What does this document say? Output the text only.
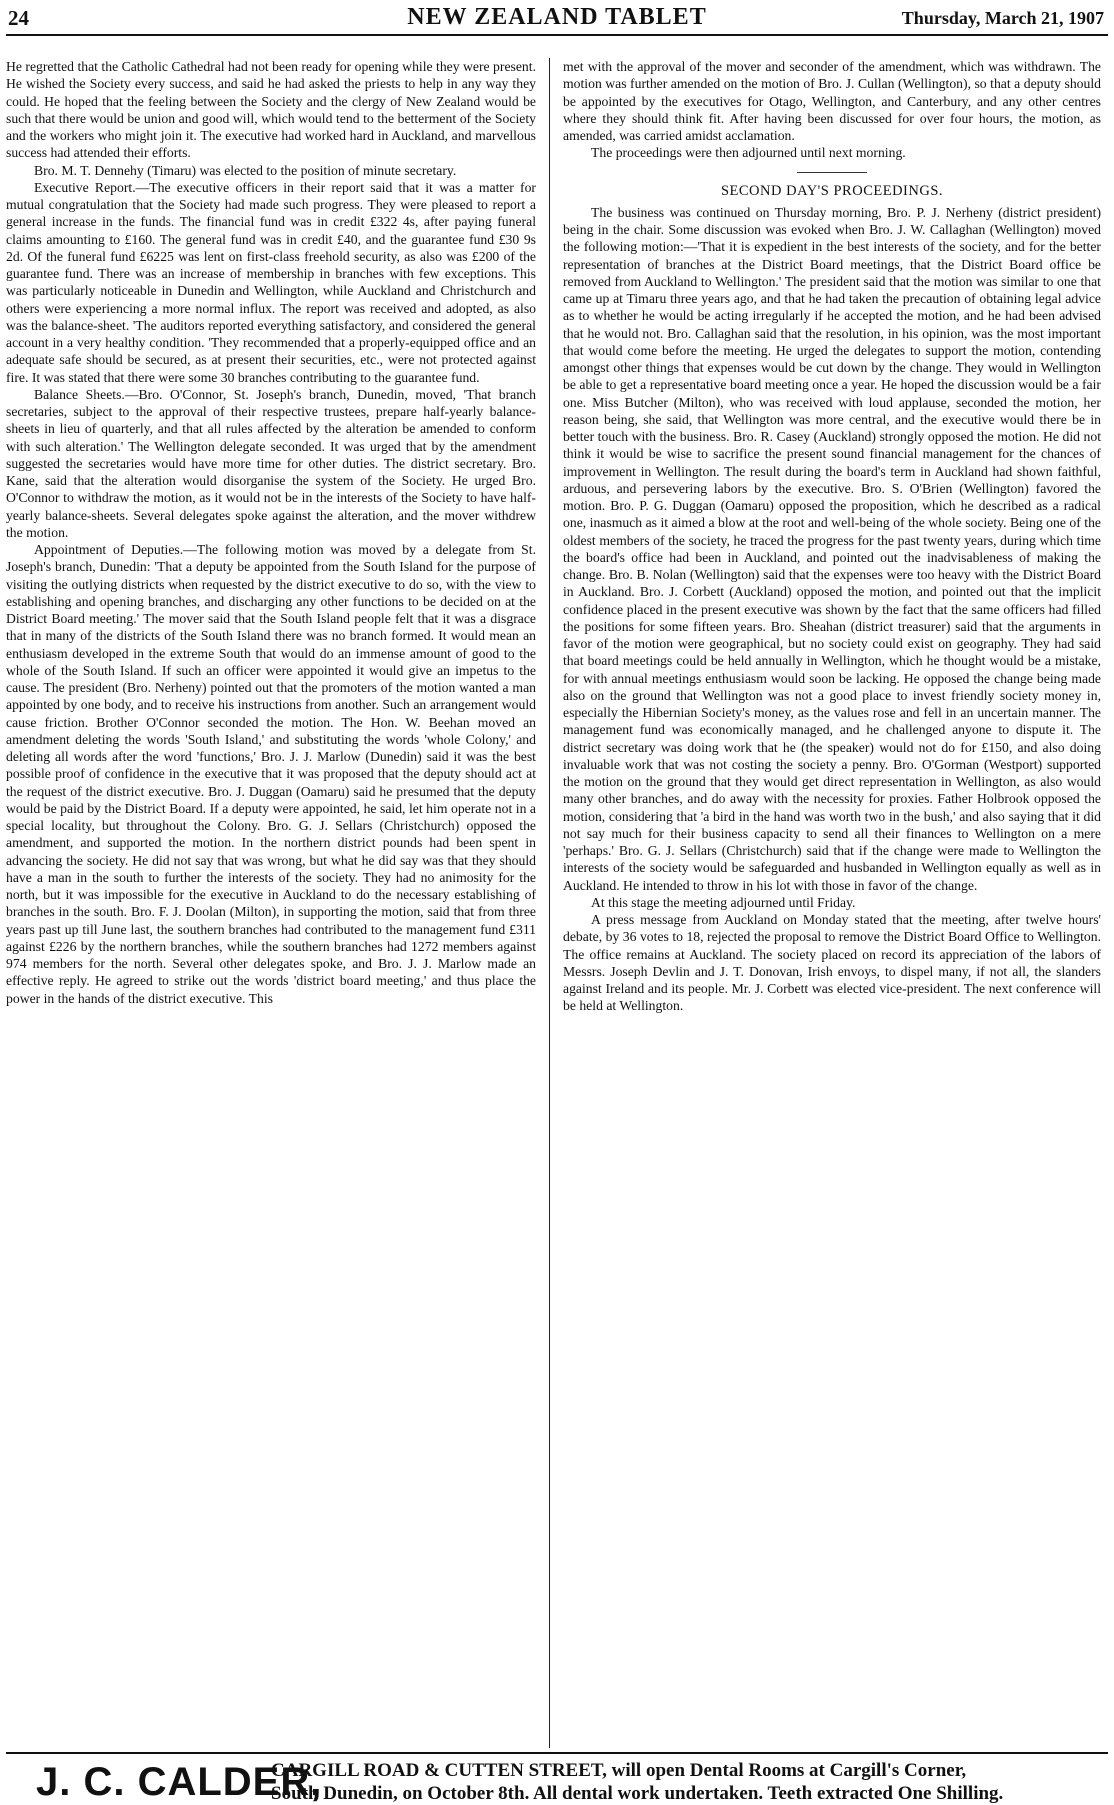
24	NEW ZEALAND TABLET	Thursday, March 21, 1907

He regretted that the Catholic Cathedral had not been ready for opening while they were present. He wished the Society every success, and said he had asked the priests to help in any way they could. He hoped that the feeling between the Society and the clergy of New Zealand would be such that there would be union and good will, which would tend to the betterment of the Society and the workers who might join it. The executive had worked hard in Auckland, and marvellous success had attended their efforts.

Bro. M. T. Dennehy (Timaru) was elected to the position of minute secretary.

Executive Report.—The executive officers in their report said that it was a matter for mutual congratulation that the Society had made such progress. They were pleased to report a general increase in the funds. The financial fund was in credit £322 4s, after paying funeral claims amounting to £160. The general fund was in credit £40, and the guarantee fund £30 9s 2d. Of the funeral fund £6225 was lent on first-class freehold security, as also was £200 of the guarantee fund. There was an increase of membership in branches with few exceptions. This was particularly noticeable in Dunedin and Wellington, while Auckland and Christchurch and others were experiencing a more normal influx. The report was received and adopted, as also was the balance-sheet. 'The auditors reported everything satisfactory, and considered the general account in a very healthy condition. 'They recommended that a properly-equipped office and an adequate safe should be secured, as at present their securities, etc., were not protected against fire. It was stated that there were some 30 branches contributing to the guarantee fund.

Balance Sheets.—Bro. O'Connor, St. Joseph's branch, Dunedin, moved, 'That branch secretaries, subject to the approval of their respective trustees, prepare half-yearly balance-sheets in lieu of quarterly, and that all rules affected by the alteration be amended to conform with such alteration.' The Wellington delegate seconded. It was urged that by the amendment suggested the secretaries would have more time for other duties. The district secretary. Bro. Kane, said that the alteration would disorganise the system of the Society. He urged Bro. O'Connor to withdraw the motion, as it would not be in the interests of the Society to have half-yearly balance-sheets. Several delegates spoke against the alteration, and the mover withdrew the motion.

Appointment of Deputies.—The following motion was moved by a delegate from St. Joseph's branch, Dunedin: 'That a deputy be appointed from the South Island for the purpose of visiting the outlying districts when requested by the district executive to do so, with the view to establishing and opening branches, and discharging any other functions to be decided on at the District Board meeting.' The mover said that the South Island people felt that it was a disgrace that in many of the districts of the South Island there was no branch formed. It would mean an enthusiasm developed in the extreme South that would do an immense amount of good to the whole of the South Island. If such an officer were appointed it would give an impetus to the cause. The president (Bro. Nerheny) pointed out that the promoters of the motion wanted a man appointed by one body, and to receive his instructions from another. Such an arrangement would cause friction. Brother O'Connor seconded the motion. The Hon. W. Beehan moved an amendment deleting the words 'South Island,' and substituting the words 'whole Colony,' and deleting all words after the word 'functions,' Bro. J. J. Marlow (Dunedin) said it was the best possible proof of confidence in the executive that it was proposed that the deputy should act at the request of the district executive. Bro. J. Duggan (Oamaru) said he presumed that the deputy would be paid by the District Board. If a deputy were appointed, he said, let him operate not in a special locality, but throughout the Colony. Bro. G. J. Sellars (Christchurch) opposed the amendment, and supported the motion. In the northern district pounds had been spent in advancing the society. He did not say that was wrong, but what he did say was that they should have a man in the south to further the interests of the society. They had no animosity for the north, but it was impossible for the executive in Auckland to do the necessary establishing of branches in the south. Bro. F. J. Doolan (Milton), in supporting the motion, said that from three years past up till June last, the southern branches had contributed to the management fund £311 against £226 by the northern branches, while the southern branches had 1272 members against 974 members for the north. Several other delegates spoke, and Bro. J. J. Marlow made an effective reply. He agreed to strike out the words 'district board meeting,' and thus place the power in the hands of the district executive. This

met with the approval of the mover and seconder of the amendment, which was withdrawn. The motion was further amended on the motion of Bro. J. Cullan (Wellington), so that a deputy should be appointed by the executives for Otago, Wellington, and Canterbury, and any other centres where they should think fit. After having been discussed for over four hours, the motion, as amended, was carried amidst acclamation.

The proceedings were then adjourned until next morning.

SECOND DAY'S PROCEEDINGS.

The business was continued on Thursday morning, Bro. P. J. Nerheny (district president) being in the chair. Some discussion was evoked when Bro. J. W. Callaghan (Wellington) moved the following motion:—'That it is expedient in the best interests of the society, and for the better representation of branches at the District Board meetings, that the District Board office be removed from Auckland to Wellington.' The president said that the motion was similar to one that came up at Timaru three years ago, and that he had taken the precaution of obtaining legal advice as to whether he would be acting irregularly if he accepted the motion, and he had been advised that he would not. Bro. Callaghan said that the resolution, in his opinion, was the most important that would come before the meeting. He urged the delegates to support the motion, contending amongst other things that expenses would be cut down by the change. They would in Wellington be able to get a representative board meeting once a year. He hoped the discussion would be a fair one. Miss Butcher (Milton), who was received with loud applause, seconded the motion, her reason being, she said, that Wellington was more central, and the executive would there be in better touch with the business. Bro. R. Casey (Auckland) strongly opposed the motion. He did not think it would be wise to sacrifice the present sound financial management for the chances of improvement in Wellington. The result during the board's term in Auckland had shown faithful, arduous, and persevering labors by the executive. Bro. S. O'Brien (Wellington) favored the motion. Bro. P. G. Duggan (Oamaru) opposed the proposition, which he described as a radical one, inasmuch as it aimed a blow at the root and well-being of the whole society. Being one of the oldest members of the society, he traced the progress for the past twenty years, during which time the board's office had been in Auckland, and pointed out the inadvisableness of making the change. Bro. B. Nolan (Wellington) said that the expenses were too heavy with the District Board in Auckland. Bro. J. Corbett (Auckland) opposed the motion, and pointed out that the implicit confidence placed in the present executive was shown by the fact that the same officers had filled the positions for some fifteen years. Bro. Sheahan (district treasurer) said that the arguments in favor of the motion were geographical, but no society could exist on geography. They had said that board meetings could be held annually in Wellington, which he thought would be a mistake, for with annual meetings enthusiasm would soon be lacking. He opposed the change being made also on the ground that Wellington was not a good place to invest friendly society money in, especially the Hibernian Society's money, as the values rose and fell in an uncertain manner. The management fund was economically managed, and he challenged anyone to dispute it. The district secretary was doing work that he (the speaker) would not do for £150, and also doing invaluable work that was not costing the society a penny. Bro. O'Gorman (Westport) supported the motion on the ground that they would get direct representation in Wellington, as also would many other branches, and do away with the necessity for proxies. Father Holbrook opposed the motion, considering that 'a bird in the hand was worth two in the bush,' and also saying that it did not say much for their business capacity to send all their finances to Wellington on a mere 'perhaps.' Bro. G. J. Sellars (Christchurch) said that if the change were made to Wellington the interests of the society would be safeguarded and husbanded in Wellington equally as well as in Auckland. He intended to throw in his lot with those in favor of the change.

At this stage the meeting adjourned until Friday.

A press message from Auckland on Monday stated that the meeting, after twelve hours' debate, by 36 votes to 18, rejected the proposal to remove the District Board Office to Wellington. The office remains at Auckland. The society placed on record its appreciation of the labors of Messrs. Joseph Devlin and J. T. Donovan, Irish envoys, to dispel many, if not all, the slanders against Ireland and its people. Mr. J. Corbett was elected vice-president. The next conference will be held at Wellington.

J. C. CALDER,
CARGILL ROAD & CUTTEN STREET, will open Dental Rooms at Cargill's Corner,
South Dunedin, on October 8th. All dental work undertaken. Teeth extracted One Shilling.
